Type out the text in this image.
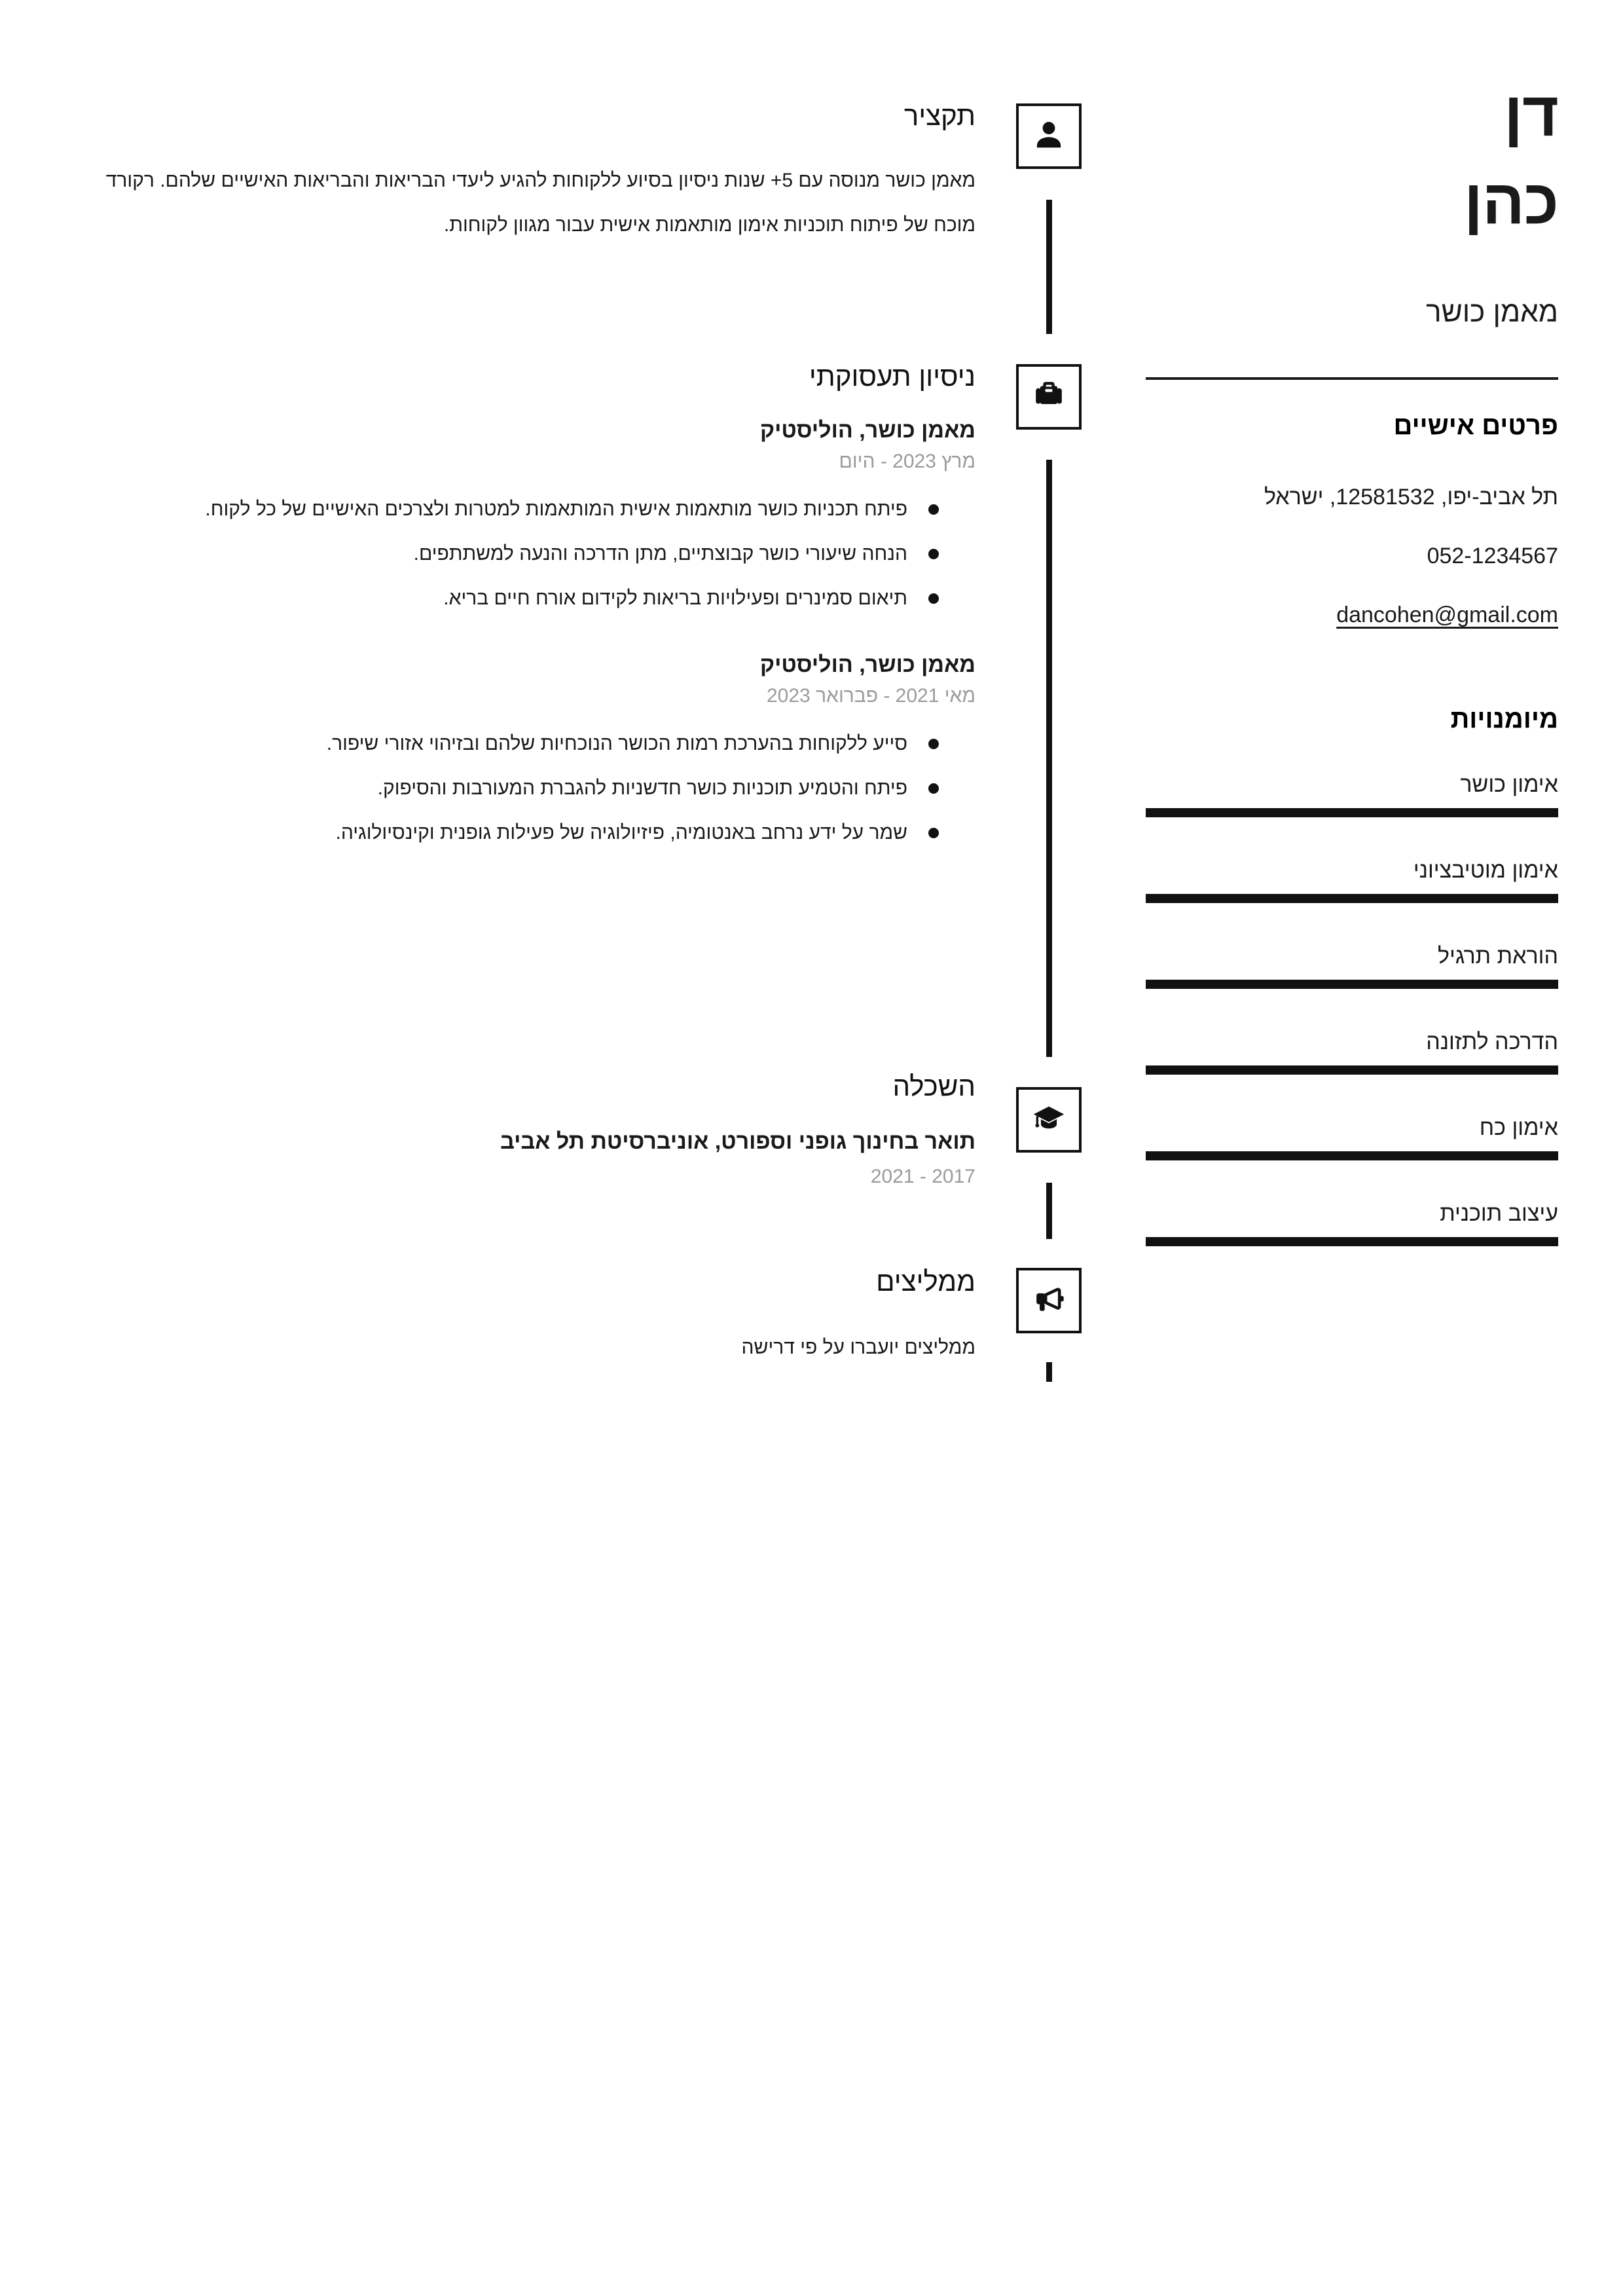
דן
כהן
מאמן כושר
פרטים אישיים
תל אביב-יפו, 12581532, ישראל
052-1234567
dancohen@gmail.com
מיומנויות
אימון כושר
אימון מוטיבציוני
הוראת תרגיל
הדרכה לתזונה
אימון כח
עיצוב תוכנית
תקציר
מאמן כושר מנוסה עם 5+ שנות ניסיון בסיוע ללקוחות להגיע ליעדי הבריאות והבריאות האישיים שלהם. רקורד מוכח של פיתוח תוכניות אימון מותאמות אישית עבור מגוון לקוחות.
ניסיון תעסוקתי
מאמן כושר, הוליסטיק
מרץ 2023 - היום
פיתח תכניות כושר מותאמות אישית המותאמות למטרות ולצרכים האישיים של כל לקוח.
הנחה שיעורי כושר קבוצתיים, מתן הדרכה והנעה למשתתפים.
תיאום סמינרים ופעילויות בריאות לקידום אורח חיים בריא.
מאמן כושר, הוליסטיק
מאי 2021 - פברואר 2023
סייע ללקוחות בהערכת רמות הכושר הנוכחיות שלהם ובזיהוי אזורי שיפור.
פיתח והטמיע תוכניות כושר חדשניות להגברת המעורבות והסיפוק.
שמר על ידע נרחב באנטומיה, פיזיולוגיה של פעילות גופנית וקינסיולוגיה.
השכלה
תואר בחינוך גופני וספורט, אוניברסיטת תל אביב
2017 - 2021
ממליצים
ממליצים יועברו על פי דרישה
